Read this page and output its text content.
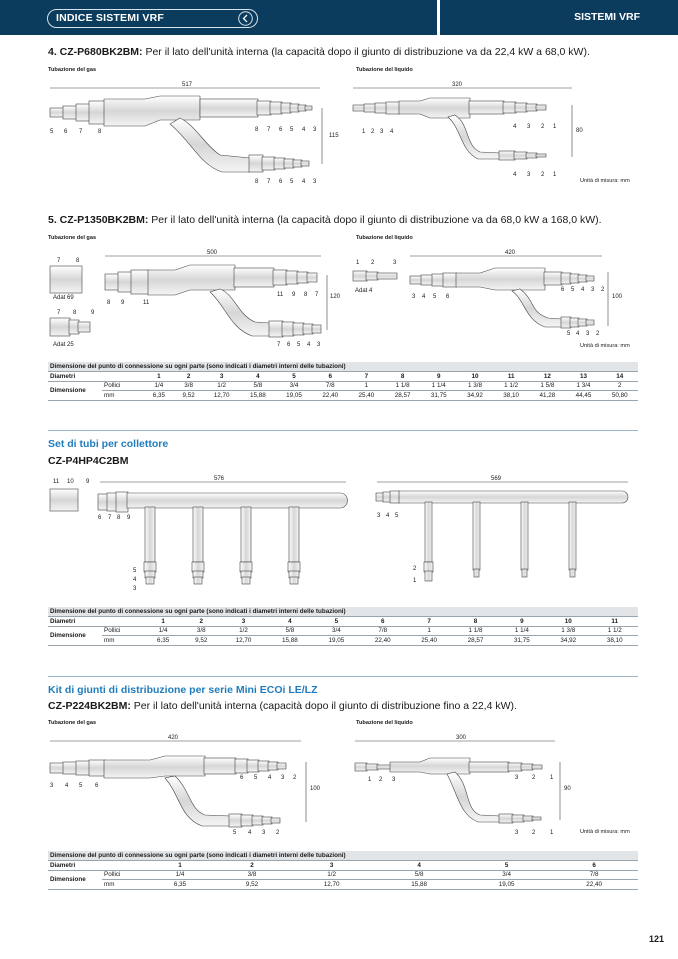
INDICE SISTEMI VRF	SISTEMI VRF
4. CZ-P680BK2BM: Per il lato dell'unità interna (la capacità dopo il giunto di distribuzione va da 22,4 kW a 68,0 kW).
Tubazione del gas	Tubazione del liquido
Unità di misura: mm
5. CZ-P1350BK2BM: Per il lato dell'unità interna (la capacità dopo il giunto di distribuzione va da 68,0 kW a 168,0 kW).
Tubazione del gas	Tubazione del liquido
Unità di misura: mm
Dimensione del punto di connessione su ogni parte (sono indicati i diametri interni delle tubazioni)															
Diametri		1	2	3	4	5	6	7	8	9	10	11	12	13	14
Dimensione	Pollici	1/4	3/8	1/2	5/8	3/4	7/8	1	1 1/8	1 1/4	1 3/8	1 1/2	1 5/8	1 3/4	2
	mm	6,35	9,52	12,70	15,88	19,05	22,40	25,40	28,57	31,75	34,92	38,10	41,28	44,45	50,80
Set di tubi per collettore
CZ-P4HP4C2BM
Dimensione del punto di connessione su ogni parte (sono indicati i diametri interni delle tubazioni)												
Diametri		1	2	3	4	5	6	7	8	9	10	11
Dimensione	Pollici	1/4	3/8	1/2	5/8	3/4	7/8	1	1 1/8	1 1/4	1 3/8	1 1/2
	mm	6,35	9,52	12,70	15,88	19,05	22,40	25,40	28,57	31,75	34,92	38,10
Kit di giunti di distribuzione per serie Mini ECOi LE/LZ
CZ-P224BK2BM: Per il lato dell'unità interna (capacità dopo il giunto di distribuzione fino a 22,4 kW).
Tubazione del gas	Tubazione del liquido
Unità di misura: mm
Dimensione del punto di connessione su ogni parte (sono indicati i diametri interni delle tubazioni)							
Diametri		1	2	3	4	5	6
Dimensione	Pollici	1/4	3/8	1/2	5/8	3/4	7/8
	mm	6,35	9,52	12,70	15,88	19,05	22,40
121
517
115
320
80
500
120
420
100
Adat 69
Adat 25
Adat 4
576	569
420
100
300
90
5 6 7	8	8 7 6 5 4 3
8 7 6 5 4 3
1 2 3 4
4 3 2 1
4 3 2 1
7	8
7 8 9
1 2	3
8 9	11
11 9 8 7
7 6 5 4 3
3 4 5 6
6 5 4 3 2
5 4 3 2
11 10 9
6 7 8 9
5
4
3
3 4 5
2
1
3 4 5 6
6 5 4 3 2
5 4 3 2
1 2 3	3 2 1
3 2 1
